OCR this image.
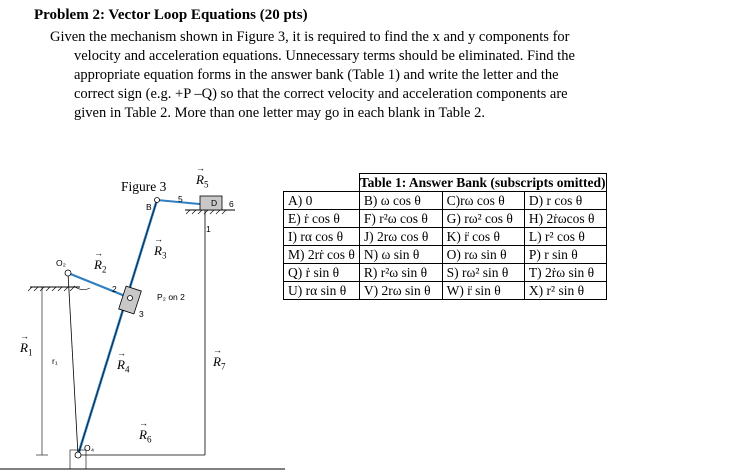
Problem 2: Vector Loop Equations (20 pts)

Given the mechanism shown in Figure 3, it is required to find the x and y components for

velocity and acceleration equations. Unnecessary terms should be eliminated. Find the

appropriate equation forms in the answer bank (Table 1) and write the letter and the

correct sign (e.g. +P –Q) so that the correct velocity and acceleration components are

given in Table 2. More than one letter may go in each blank in Table 2.

Figure 3
O₂
B	D
2
3
6
5
1
O₄
P₂ on 2
r₁
R
→
$_1$
R
→
$_2$
R
→
$_3$
R
→
$_4$
R
→
$_5$
R
→
$_6$
R
→
$_7$
	Table 1: Answer Bank (subscripts omitted)		
A) 0	B) ω cos θ	C)rω cos θ	D) r cos θ
E) ṙ cos θ	F) r²ω cos θ	G) rω² cos θ	H) 2ṙωcos θ
I) rα cos θ	J) 2rω cos θ	K) r̈ cos θ	L) r² cos θ
M) 2rṙ cos θ	N) ω sin θ	O) rω sin θ	P) r sin θ
Q) ṙ sin θ	R) r²ω sin θ	S) rω² sin θ	T) 2ṙω sin θ
U) rα sin θ	V) 2rω sin θ	W) r̈ sin θ	X) r² sin θ
